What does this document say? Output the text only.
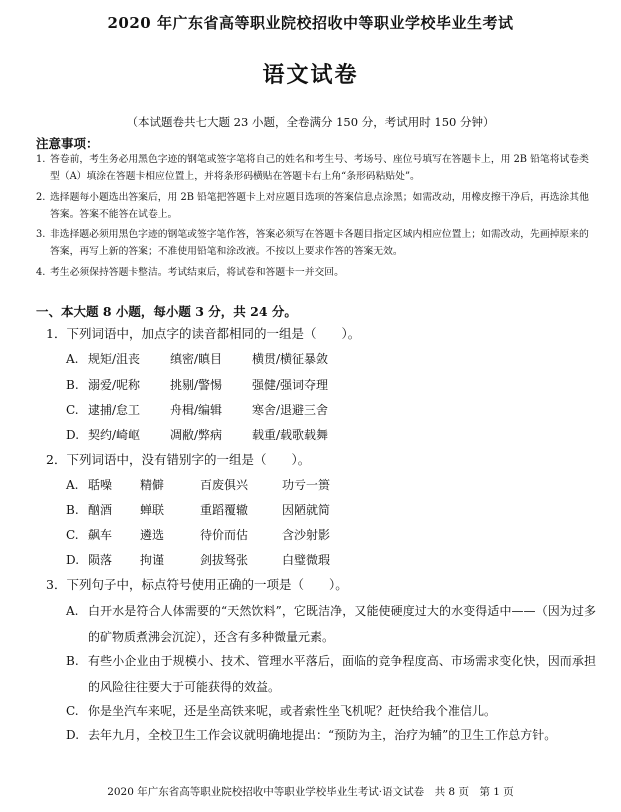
2020 年广东省高等职业院校招收中等职业学校毕业生考试
语文试卷
（本试题卷共七大题 23 小题，全卷满分 150 分，考试用时 150 分钟）
注意事项：
1. 答卷前，考生务必用黑色字迹的钢笔或签字笔将自己的姓名和考生号、考场号、座位号填写在答题卡上，用 2B 铅笔将试卷类型（A）填涂在答题卡相应位置上，并将条形码横贴在答题卡右上角“条形码粘贴处”。
2. 选择题每小题选出答案后，用 2B 铅笔把答题卡上对应题目选项的答案信息点涂黑；如需改动，用橡皮擦干净后，再选涂其他答案。答案不能答在试卷上。
3. 非选择题必须用黑色字迹的钢笔或签字笔作答，答案必须写在答题卡各题目指定区域内相应位置上；如需改动，先画掉原来的答案，再写上新的答案；不准使用铅笔和涂改液。不按以上要求作答的答案无效。
4. 考生必须保持答题卡整洁。考试结束后，将试卷和答题卡一并交回。
一、本大题 8 小题，每小题 3 分，共 24 分。
1．下列词语中，加点字的读音都相同的一组是（　　）。
A. 规矩/沮丧 缜密/瞋目 横贯/横征暴敛
B. 溺爱/呢称 挑剔/警惕 强健/强词夺理
C. 逮捕/怠工 舟楫/编辑 寒舍/退避三舍
D. 契约/崎岖 凋敝/弊病 载重/载歌载舞
2．下列词语中，没有错别字的一组是（　　）。
A. 聒噪 精僻	百废俱兴	功亏一篑
B. 酗酒 蝉联	重蹈覆辙	因陋就简
C. 飙车 遴选	待价而估	含沙射影
D. 陨落 拘谨	剑拔驽张	白璧微瑕
3．下列句子中，标点符号使用正确的一项是（　　）。
A. 白开水是符合人体需要的“天然饮料”，它既洁净，又能使硬度过大的水变得适中——（因为过多的矿物质煮沸会沉淀），还含有多种微量元素。
B. 有些小企业由于规模小、技术、管理水平落后，面临的竞争程度高、市场需求变化快，因而承担的风险往往要大于可能获得的效益。
C. 你是坐汽车来呢，还是坐高铁来呢，或者索性坐飞机呢？赶快给我个准信儿。
D. 去年九月，全校卫生工作会议就明确地提出：“预防为主，治疗为辅”的卫生工作总方针。
2020 年广东省高等职业院校招收中等职业学校毕业生考试·语文试卷　共 8 页　第 1 页
